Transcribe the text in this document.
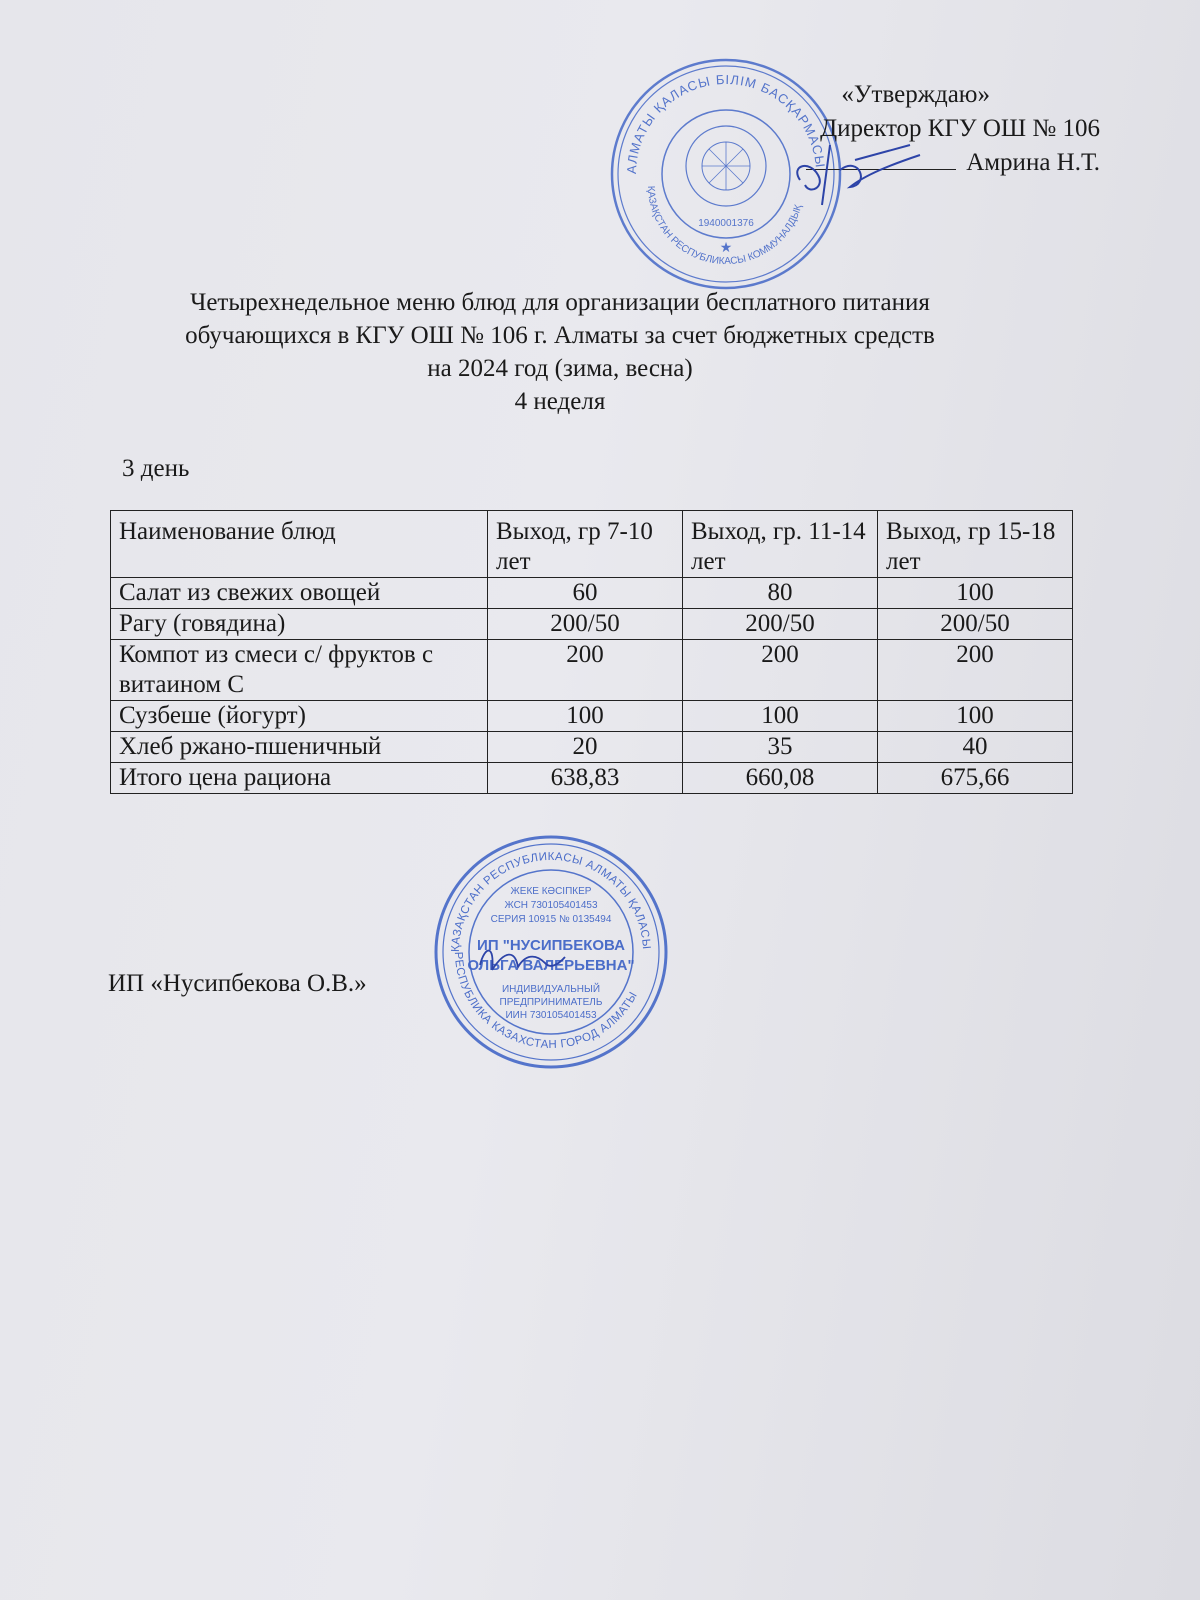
АЛМАТЫ ҚАЛАСЫ БІЛІМ БАСҚАРМАСЫ
ҚАЗАҚСТАН РЕСПУБЛИКАСЫ КОММУНАЛДЫҚ
1940001376
★
«Утверждаю»
Директор КГУ ОШ № 106
Амрина Н.Т.
Четырехнедельное меню блюд для организации бесплатного питания
обучающихся в КГУ ОШ № 106 г. Алматы за счет бюджетных средств
на 2024 год (зима, весна)
4 неделя
3 день
Наименование блюд	Выход, гр 7-10 лет	Выход, гр. 11-14 лет	Выход, гр 15-18 лет
Салат из свежих овощей	60	80	100
Рагу (говядина)	200/50	200/50	200/50
Компот из смеси с/ фруктов с витаином С	200	200	200
Сузбеше (йогурт)	100	100	100
Хлеб ржано-пшеничный	20	35	40
Итого цена рациона	638,83	660,08	675,66
ИП «Нусипбекова О.В.»
ҚАЗАҚСТАН РЕСПУБЛИКАСЫ АЛМАТЫ ҚАЛАСЫ
РЕСПУБЛИКА КАЗАХСТАН ГОРОД АЛМАТЫ
ЖЕКЕ КӘСІПКЕР
ЖСН 730105401453
СЕРИЯ 10915 № 0135494
ИП "НУСИПБЕКОВА
ОЛЬГА ВАЛЕРЬЕВНА"
ИНДИВИДУАЛЬНЫЙ
ПРЕДПРИНИМАТЕЛЬ
ИИН 730105401453
